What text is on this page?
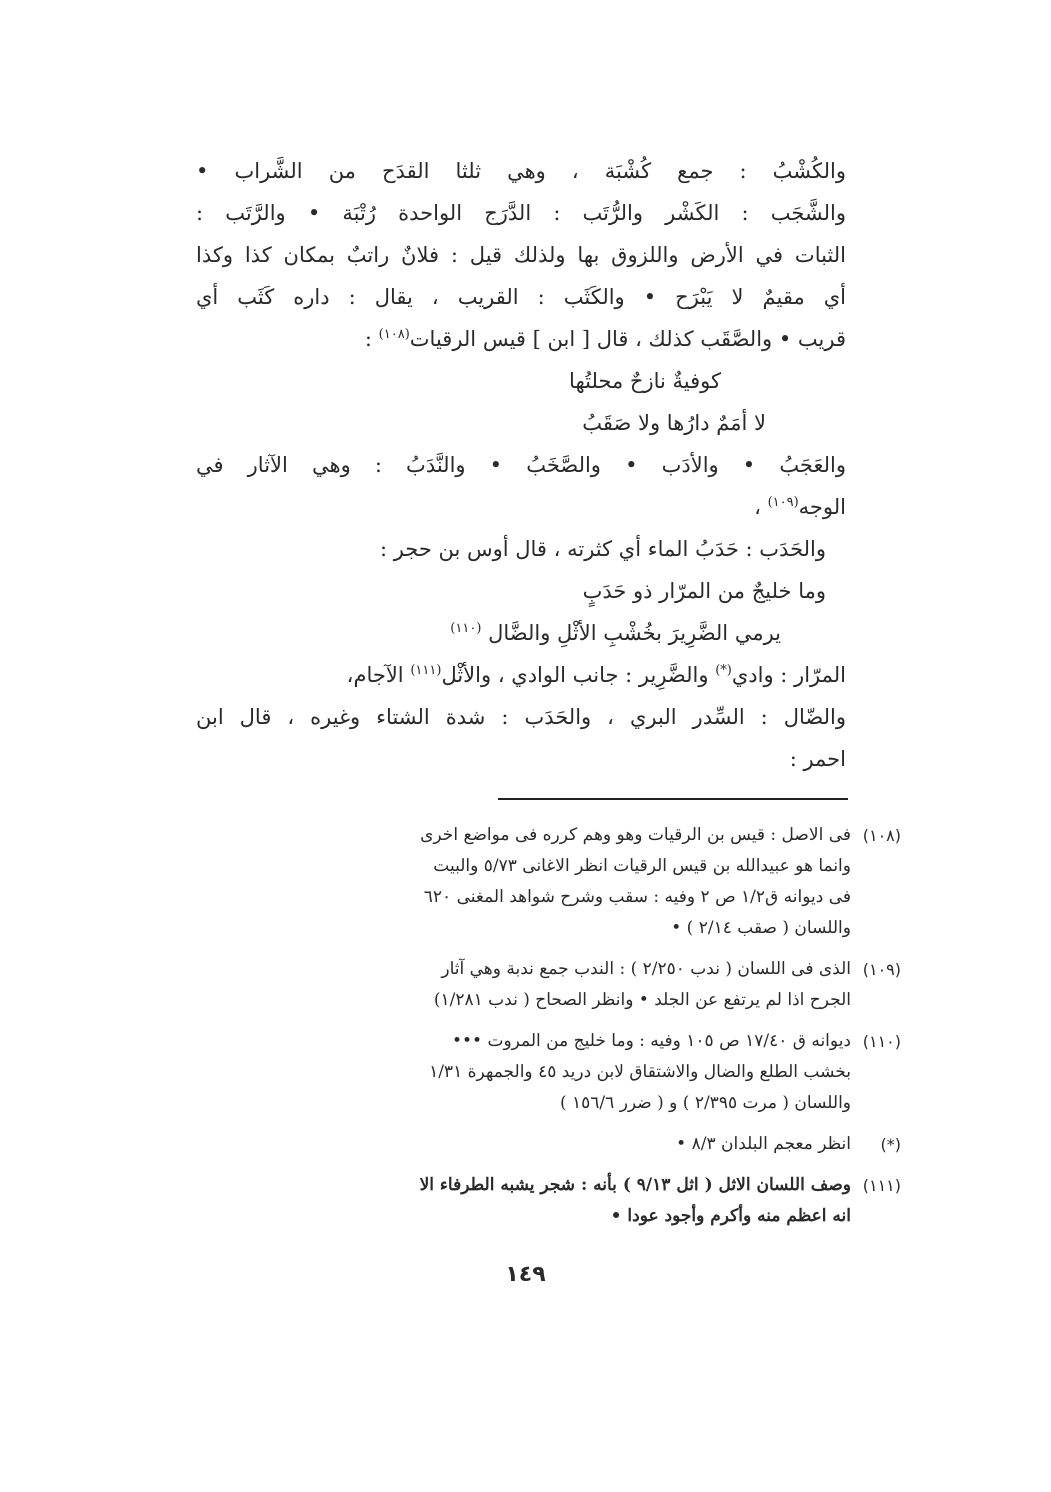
والكُشْبُ : جمع كُشْبَة ، وهي ثلثا القدَح من الشَّراب •
والشَّجَب : الكَشْر والرُّتَب : الدَّرَج الواحدة رُتْبَة • والرَّتَب :
الثبات في الأرض واللزوق بها ولذلك قيل : فلانٌ راتبٌ بمكان كذا وكذا
أي مقيمٌ لا يَبْرَح • والكَثَب : القريب ، يقال : داره كَثَب أي
قريب • والصَّقَب كذلك ، قال [ ابن ] قيس الرقيات$^{(١٠٨)}$ :
كوفيةٌ نازحٌ محلتُها
لا أمَمٌ دارُها ولا صَقَبُ
والعَجَبُ • والأدَب • والصَّخَبُ • والنَّدَبُ : وهي الآثار في
الوجه$^{(١٠٩)}$ ،
والحَدَب : حَدَبُ الماء أي كثرته ، قال أوس بن حجر :
وما خليجٌ من المرّار ذو حَدَبٍ
يرمي الضَّرِيرَ بخُشْبِ الأثْلِ والضَّال $^{(١١٠)}$
المرّار : وادي(*) والضَّرِير : جانب الوادي ، والأثْل$^{(١١١)}$ الآجام،
والضّال : السِّدر البري ، والحَدَب : شدة الشتاء وغيره ، قال ابن
احمر :
(١٠٨)
فى الاصل : قيس بن الرقيات وهو وهم كرره فى مواضع اخرى
وانما هو عبيدالله بن قيس الرقيات انظر الاغانى ٥/٧٣ والبيت
فى ديوانه ق١/٢ ص ٢ وفيه : سقب وشرح شواهد المغنى ٦٢٠
واللسان ( صقب ٢/١٤ ) •
(١٠٩)
الذى فى اللسان ( ندب ٢/٢٥٠ ) : الندب جمع ندبة وهي آثار
الجرح اذا لم يرتفع عن الجلد • وانظر الصحاح ( ندب ١/٢٨١)
(١١٠)
ديوانه ق ١٧/٤٠ ص ١٠٥ وفيه : وما خليج من المروت •••
بخشب الطلع والضال والاشتقاق لابن دريد ٤٥ والجمهرة ١/٣١
واللسان ( مرت ٢/٣٩٥ ) و ( ضرر ١٥٦/٦ )
(*)
انظر معجم البلدان ٨/٣ •
(١١١)
وصف اللسان الاثل ( اثل ٩/١٣ ) بأنه : شجر يشبه الطرفاء الا
انه اعظم منه وأكرم وأجود عودا •
١٤٩
